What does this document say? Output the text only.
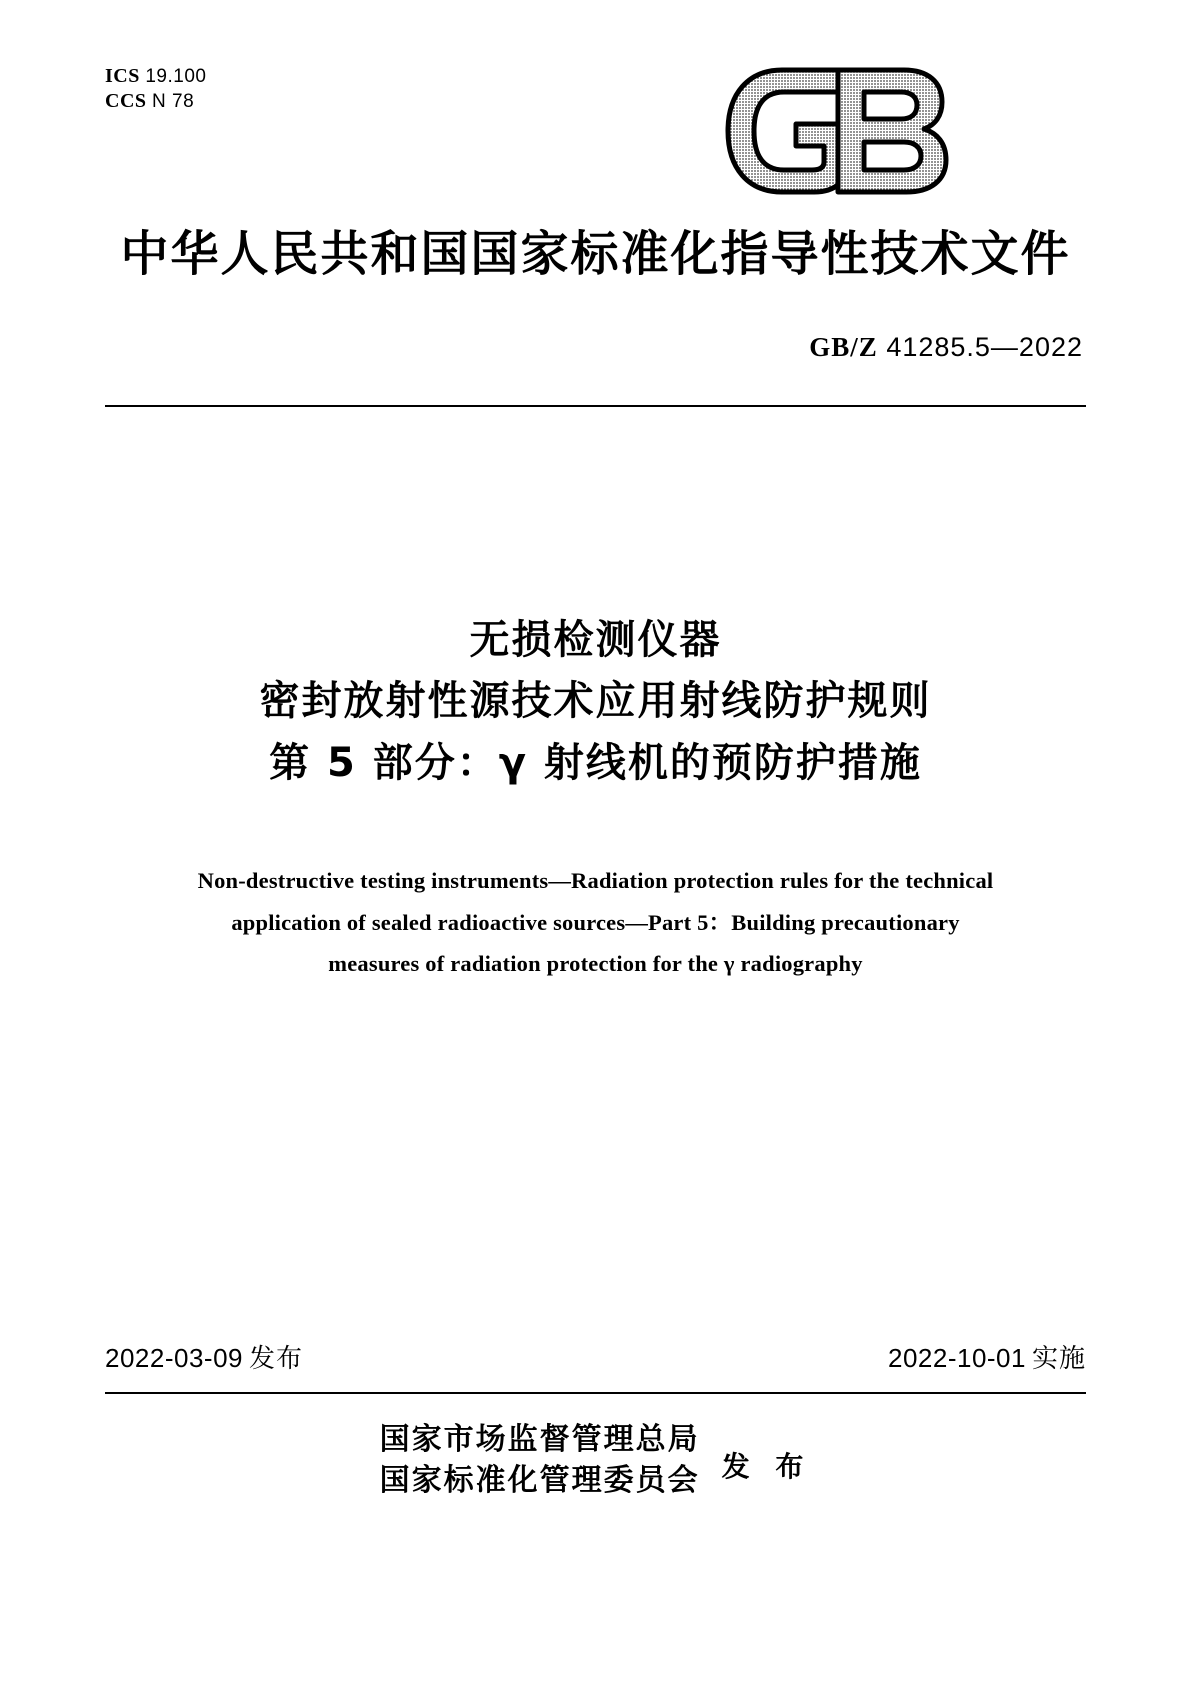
ICS 19.100
CCS N 78
中华人民共和国国家标准化指导性技术文件
GB/Z 41285.5—2022
无损检测仪器
密封放射性源技术应用射线防护规则
第 5 部分：γ 射线机的预防护措施
Non-destructive testing instruments—Radiation protection rules for the technical
application of sealed radioactive sources—Part 5：Building precautionary
measures of radiation protection for the γ radiography
2022-03-09 发布	2022-10-01 实施
国家市场监督管理总局
国家标准化管理委员会 发 布
